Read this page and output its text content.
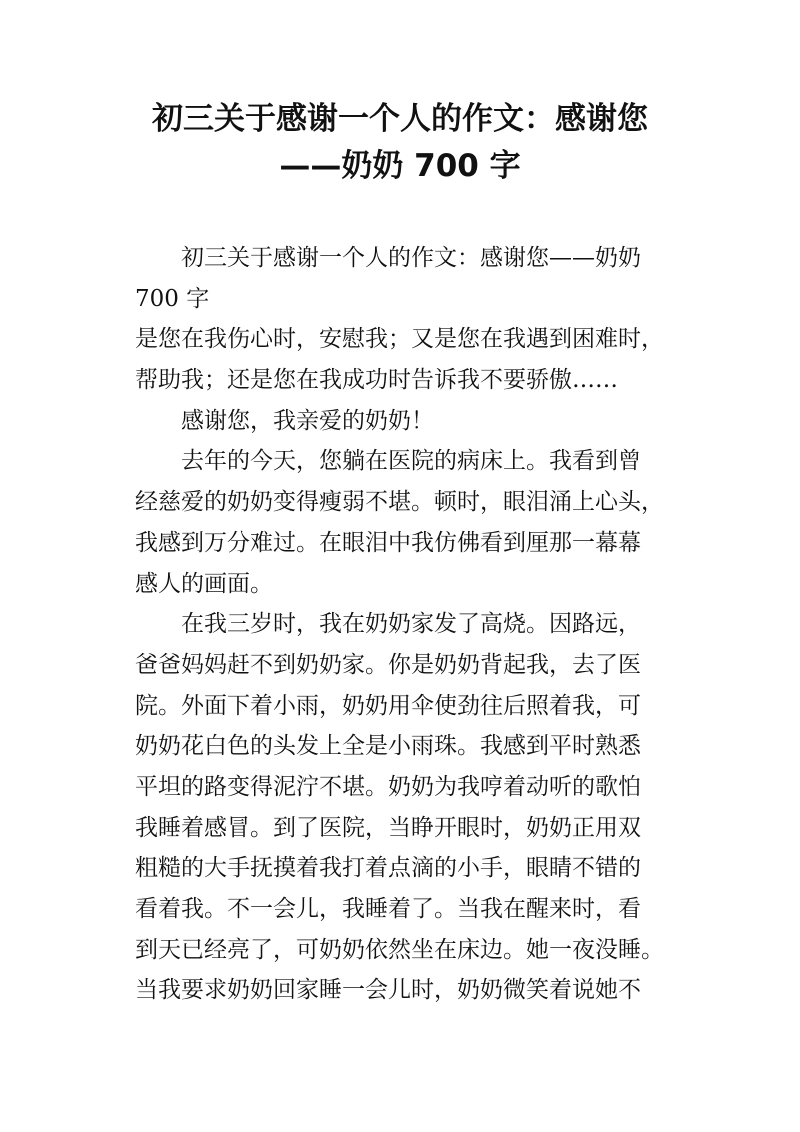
初三关于感谢一个人的作文：感谢您
——奶奶 700 字
初三关于感谢一个人的作文：感谢您——奶奶
700 字
是您在我伤心时，安慰我；又是您在我遇到困难时，
帮助我；还是您在我成功时告诉我不要骄傲……
感谢您，我亲爱的奶奶！
去年的今天，您躺在医院的病床上。我看到曾
经慈爱的奶奶变得瘦弱不堪。顿时，眼泪涌上心头，
我感到万分难过。在眼泪中我仿佛看到厘那一幕幕
感人的画面。
在我三岁时，我在奶奶家发了高烧。因路远，
爸爸妈妈赶不到奶奶家。你是奶奶背起我，去了医
院。外面下着小雨，奶奶用伞使劲往后照着我，可
奶奶花白色的头发上全是小雨珠。我感到平时熟悉
平坦的路变得泥泞不堪。奶奶为我哼着动听的歌怕
我睡着感冒。到了医院，当睁开眼时，奶奶正用双
粗糙的大手抚摸着我打着点滴的小手，眼睛不错的
看着我。不一会儿，我睡着了。当我在醒来时，看
到天已经亮了，可奶奶依然坐在床边。她一夜没睡。
当我要求奶奶回家睡一会儿时，奶奶微笑着说她不
